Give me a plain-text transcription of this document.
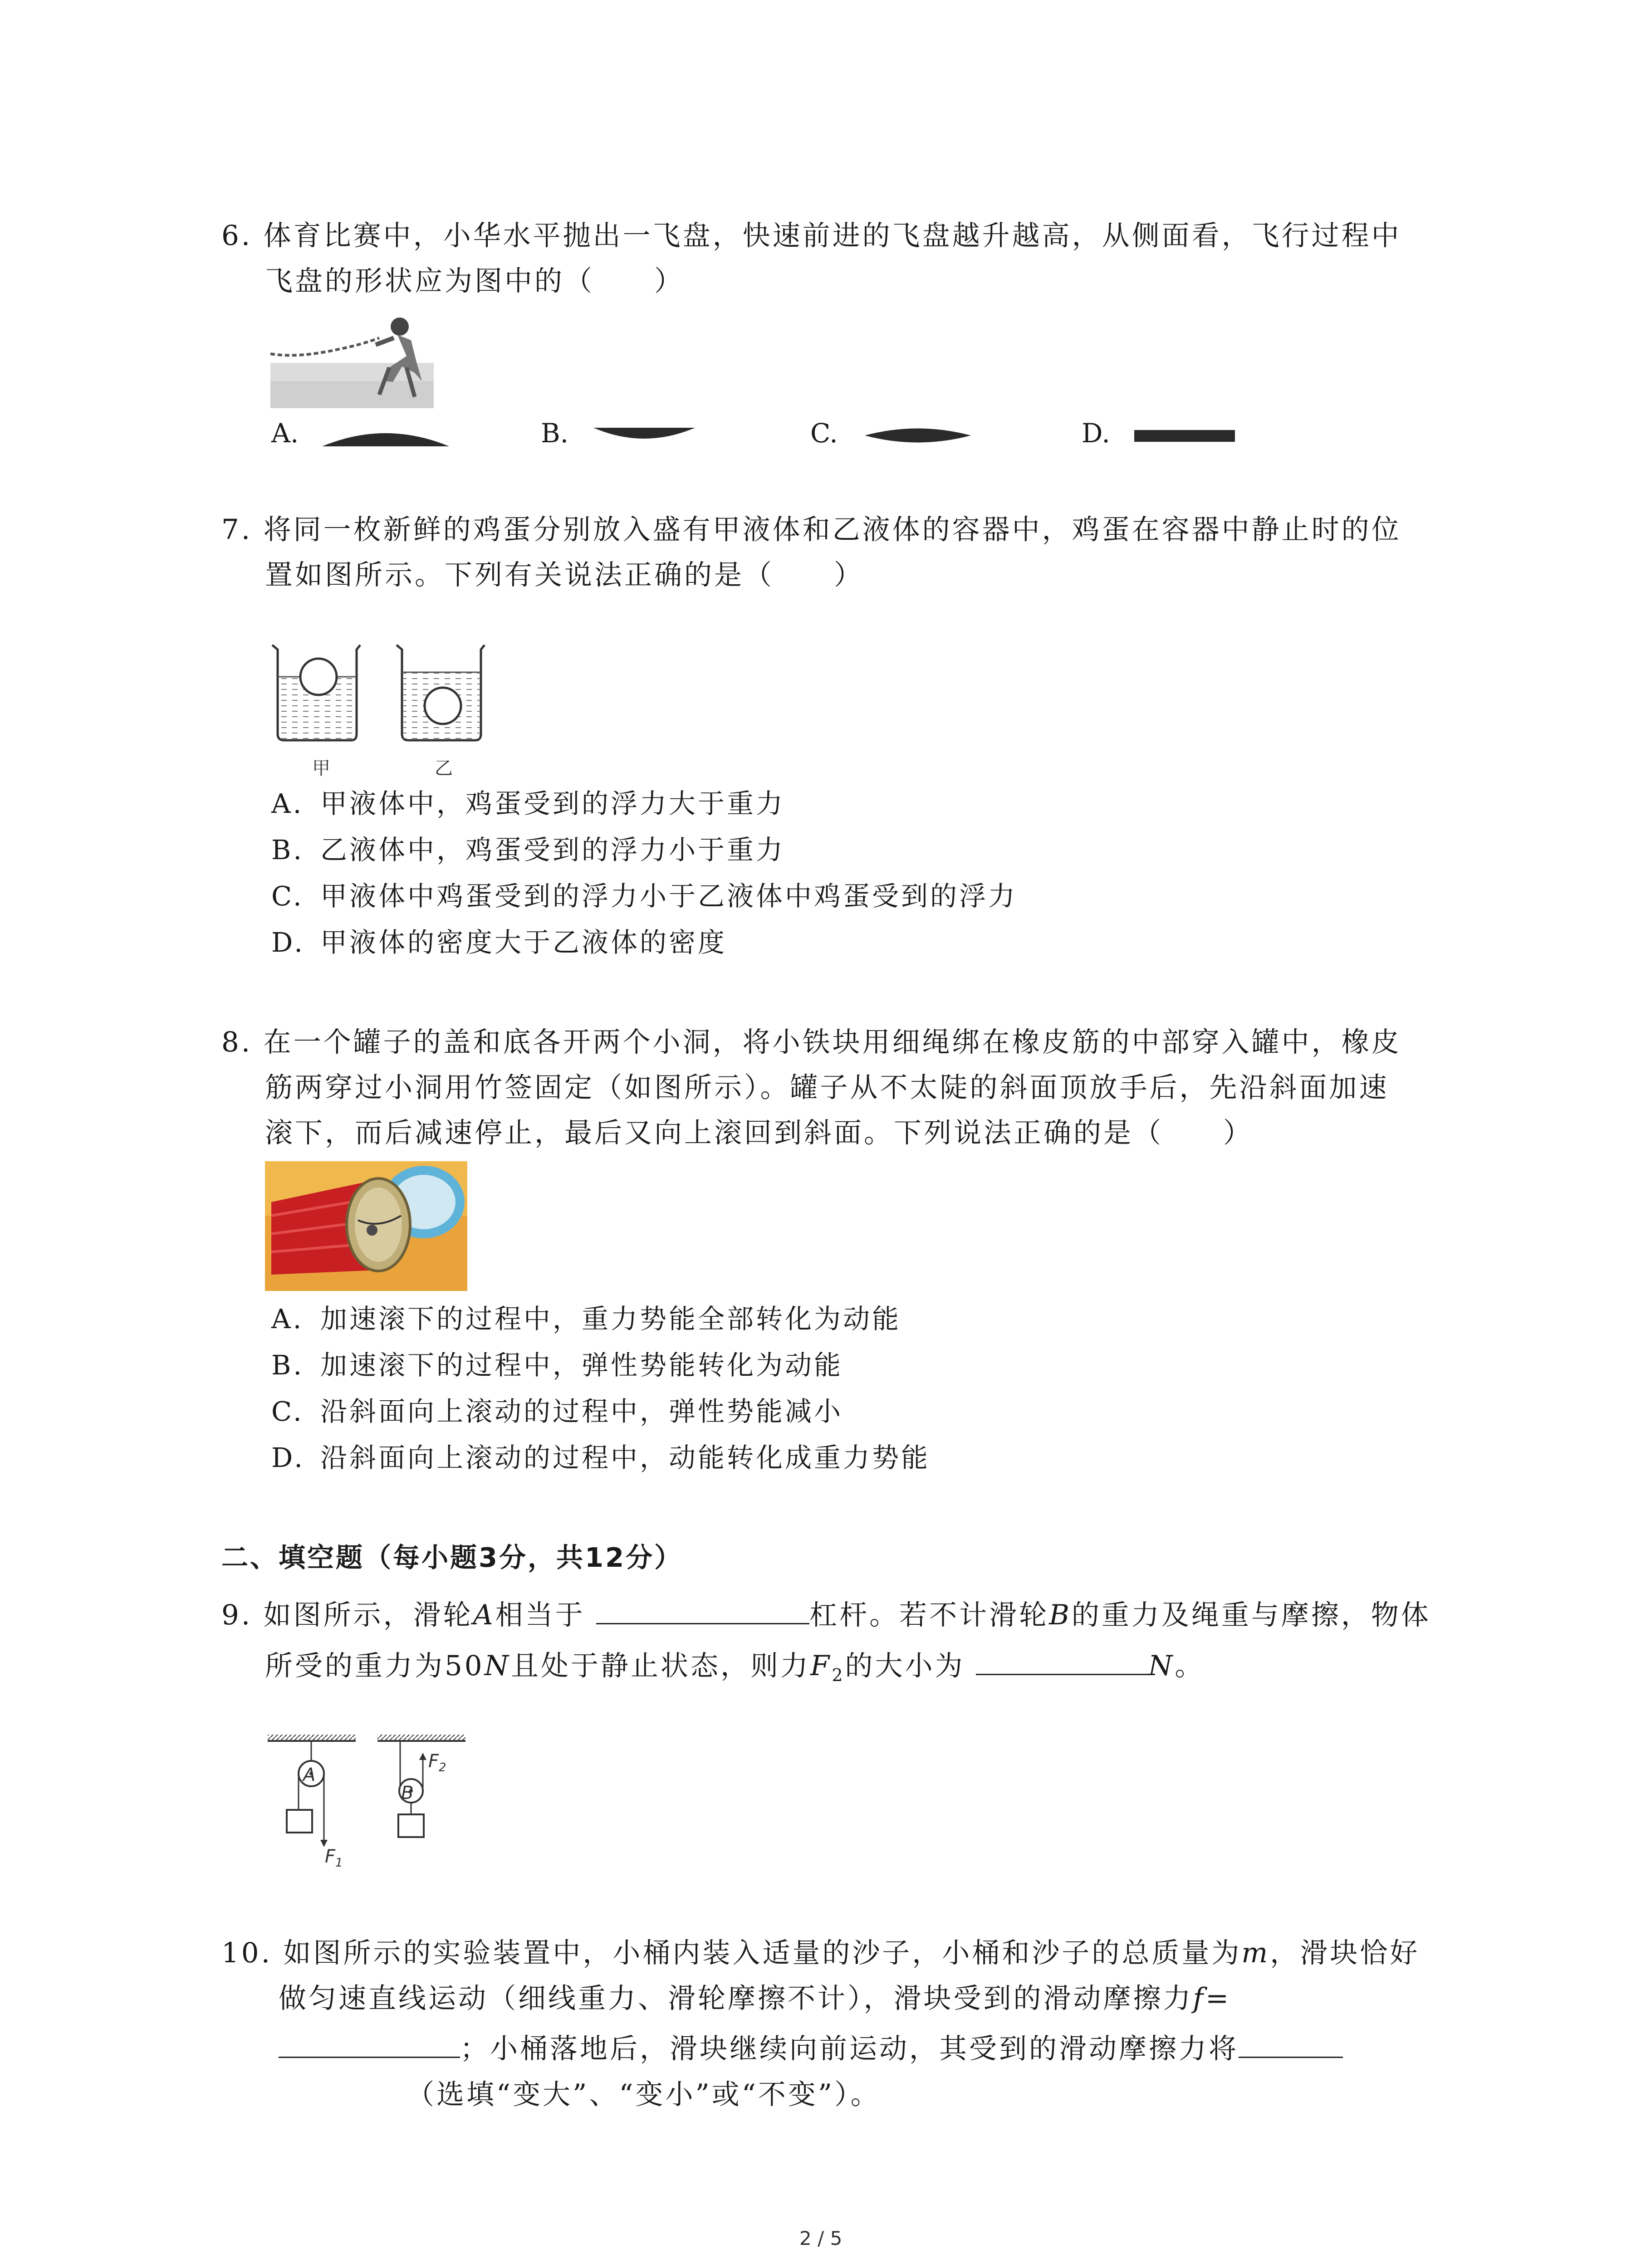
6. 体育比赛中，小华水平抛出一飞盘，快速前进的飞盘越升越高，从侧面看，飞行过程中
飞盘的形状应为图中的（　　）
A.	B.	C.	D.
7. 将同一枚新鲜的鸡蛋分别放入盛有甲液体和乙液体的容器中，鸡蛋在容器中静止时的位
置如图所示。下列有关说法正确的是（　　）
甲	乙
A. 甲液体中，鸡蛋受到的浮力大于重力
B. 乙液体中，鸡蛋受到的浮力小于重力
C. 甲液体中鸡蛋受到的浮力小于乙液体中鸡蛋受到的浮力
D. 甲液体的密度大于乙液体的密度
8. 在一个罐子的盖和底各开两个小洞，将小铁块用细绳绑在橡皮筋的中部穿入罐中，橡皮
筋两穿过小洞用竹签固定（如图所示）。罐子从不太陡的斜面顶放手后，先沿斜面加速
滚下，而后减速停止，最后又向上滚回到斜面。下列说法正确的是（　　）
A. 加速滚下的过程中，重力势能全部转化为动能
B. 加速滚下的过程中，弹性势能转化为动能
C. 沿斜面向上滚动的过程中，弹性势能减小
D. 沿斜面向上滚动的过程中，动能转化成重力势能
二、填空题（每小题3分，共12分）
9. 如图所示，滑轮A相当于	杠杆。若不计滑轮B的重力及绳重与摩擦，物体
所受的重力为50N且处于静止状态，则力$F_2$的大小为	N。
A
B
$F_1$
$F_2$
10. 如图所示的实验装置中，小桶内装入适量的沙子，小桶和沙子的总质量为m，滑块恰好
做匀速直线运动（细线重力、滑轮摩擦不计），滑块受到的滑动摩擦力f=
；小桶落地后，滑块继续向前运动，其受到的滑动摩擦力将
（选填“变大”、“变小”或“不变”）。
2 / 5
